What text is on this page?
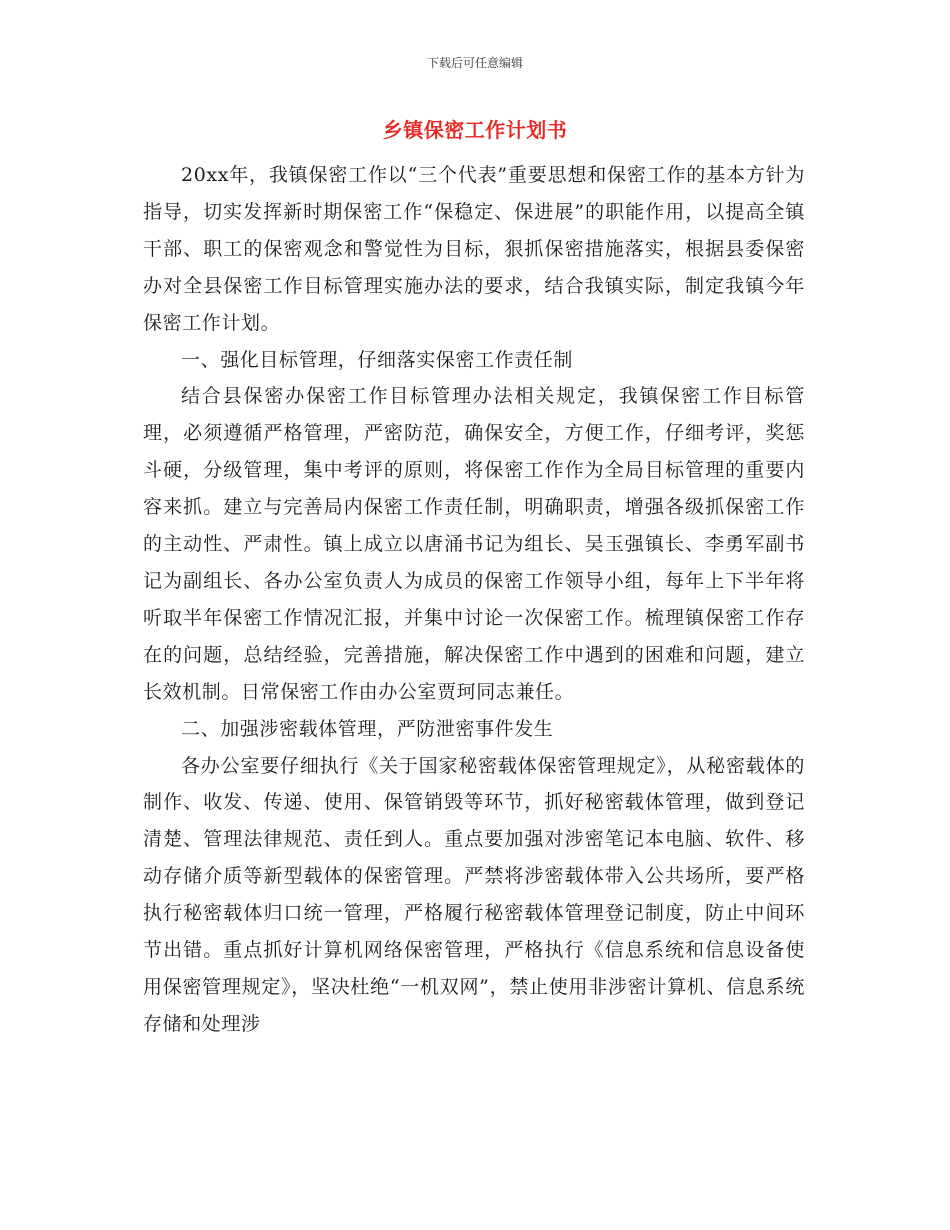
下载后可任意编辑
乡镇保密工作计划书

20xx年，我镇保密工作以“三个代表”重要思想和保密工作的基本方针为指导，切实发挥新时期保密工作“保稳定、保进展”的职能作用，以提高全镇干部、职工的保密观念和警觉性为目标，狠抓保密措施落实，根据县委保密办对全县保密工作目标管理实施办法的要求，结合我镇实际，制定我镇今年保密工作计划。

一、强化目标管理，仔细落实保密工作责任制

结合县保密办保密工作目标管理办法相关规定，我镇保密工作目标管理，必须遵循严格管理，严密防范，确保安全，方便工作，仔细考评，奖惩斗硬，分级管理，集中考评的原则，将保密工作作为全局目标管理的重要内容来抓。建立与完善局内保密工作责任制，明确职责，增强各级抓保密工作的主动性、严肃性。镇上成立以唐涌书记为组长、吴玉强镇长、李勇军副书记为副组长、各办公室负责人为成员的保密工作领导小组，每年上下半年将听取半年保密工作情况汇报，并集中讨论一次保密工作。梳理镇保密工作存在的问题，总结经验，完善措施，解决保密工作中遇到的困难和问题，建立长效机制。日常保密工作由办公室贾珂同志兼任。

二、加强涉密载体管理，严防泄密事件发生

各办公室要仔细执行《关于国家秘密载体保密管理规定》，从秘密载体的制作、收发、传递、使用、保管销毁等环节，抓好秘密载体管理，做到登记清楚、管理法律规范、责任到人。重点要加强对涉密笔记本电脑、软件、移动存储介质等新型载体的保密管理。严禁将涉密载体带入公共场所，要严格执行秘密载体归口统一管理，严格履行秘密载体管理登记制度，防止中间环节出错。重点抓好计算机网络保密管理，严格执行《信息系统和信息设备使用保密管理规定》，坚决杜绝“一机双网”，禁止使用非涉密计算机、信息系统存储和处理涉
